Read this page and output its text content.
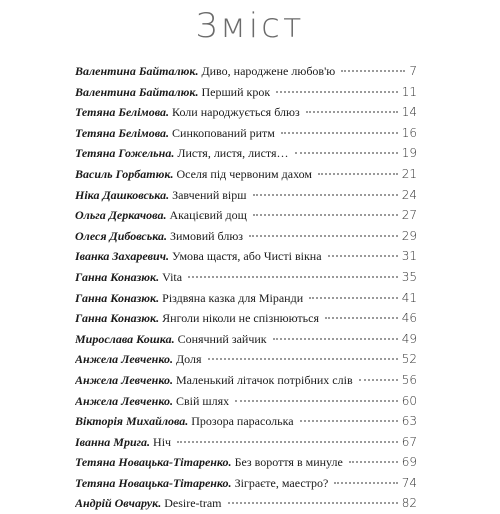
Зміст
Валентина Байталюк. Диво, народжене любов'ю	7
Валентина Байталюк. Перший крок	11
Тетяна Белімова. Коли народжується блюз	14
Тетяна Белімова. Синкопований ритм	16
Тетяна Гожельна. Листя, листя, листя…	19
Василь Горбатюк. Оселя під червоним дахом	21
Ніка Дашковська. Завчений вірш	24
Ольга Деркачова. Акацієвий дощ	27
Олеся Дибовська. Зимовий блюз	29
Іванка Захаревич. Умова щастя, або Чисті вікна	31
Ганна Коназюк. Vita	35
Ганна Коназюк. Різдвяна казка для Міранди	41
Ганна Коназюк. Янголи ніколи не спізнюються	46
Мирослава Кошка. Сонячний зайчик	49
Анжела Левченко. Доля	52
Анжела Левченко. Маленький літачок потрібних слів	56
Анжела Левченко. Свій шлях	60
Вікторія Михайлова. Прозора парасолька	63
Іванна Мрига. Ніч	67
Тетяна Новацька-Тітаренко. Без вороття в минуле	69
Тетяна Новацька-Тітаренко. Зіграєте, маестро?	74
Андрій Овчарук. Desire-tram	82
